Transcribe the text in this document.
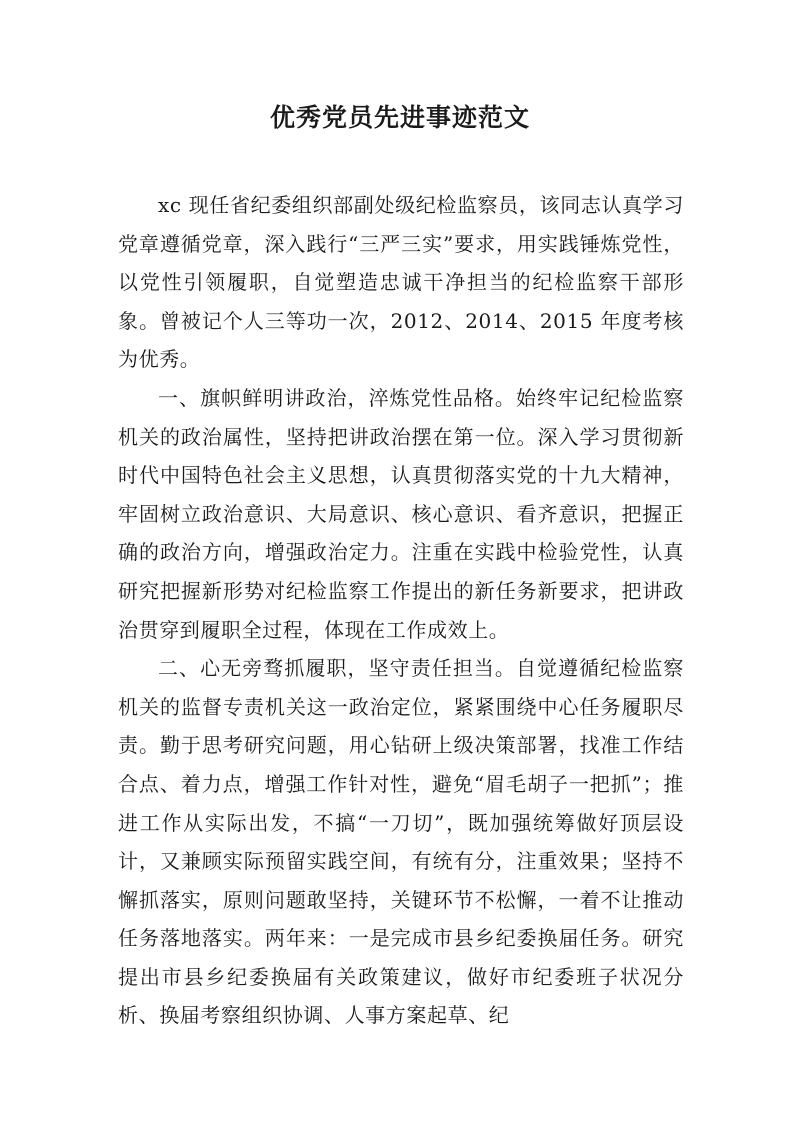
优秀党员先进事迹范文

xc 现任省纪委组织部副处级纪检监察员，该同志认真学习党章遵循党章，深入践行“三严三实”要求，用实践锤炼党性，以党性引领履职，自觉塑造忠诚干净担当的纪检监察干部形象。曾被记个人三等功一次，2012、2014、2015 年度考核为优秀。

一、旗帜鲜明讲政治，淬炼党性品格。始终牢记纪检监察机关的政治属性，坚持把讲政治摆在第一位。深入学习贯彻新时代中国特色社会主义思想，认真贯彻落实党的十九大精神，牢固树立政治意识、大局意识、核心意识、看齐意识，把握正确的政治方向，增强政治定力。注重在实践中检验党性，认真研究把握新形势对纪检监察工作提出的新任务新要求，把讲政治贯穿到履职全过程，体现在工作成效上。

二、心无旁骛抓履职，坚守责任担当。自觉遵循纪检监察机关的监督专责机关这一政治定位，紧紧围绕中心任务履职尽责。勤于思考研究问题，用心钻研上级决策部署，找准工作结合点、着力点，增强工作针对性，避免“眉毛胡子一把抓”；推进工作从实际出发，不搞“一刀切”，既加强统筹做好顶层设计，又兼顾实际预留实践空间，有统有分，注重效果；坚持不懈抓落实，原则问题敢坚持，关键环节不松懈，一着不让推动任务落地落实。两年来：一是完成市县乡纪委换届任务。研究提出市县乡纪委换届有关政策建议，做好市纪委班子状况分析、换届考察组织协调、人事方案起草、纪
